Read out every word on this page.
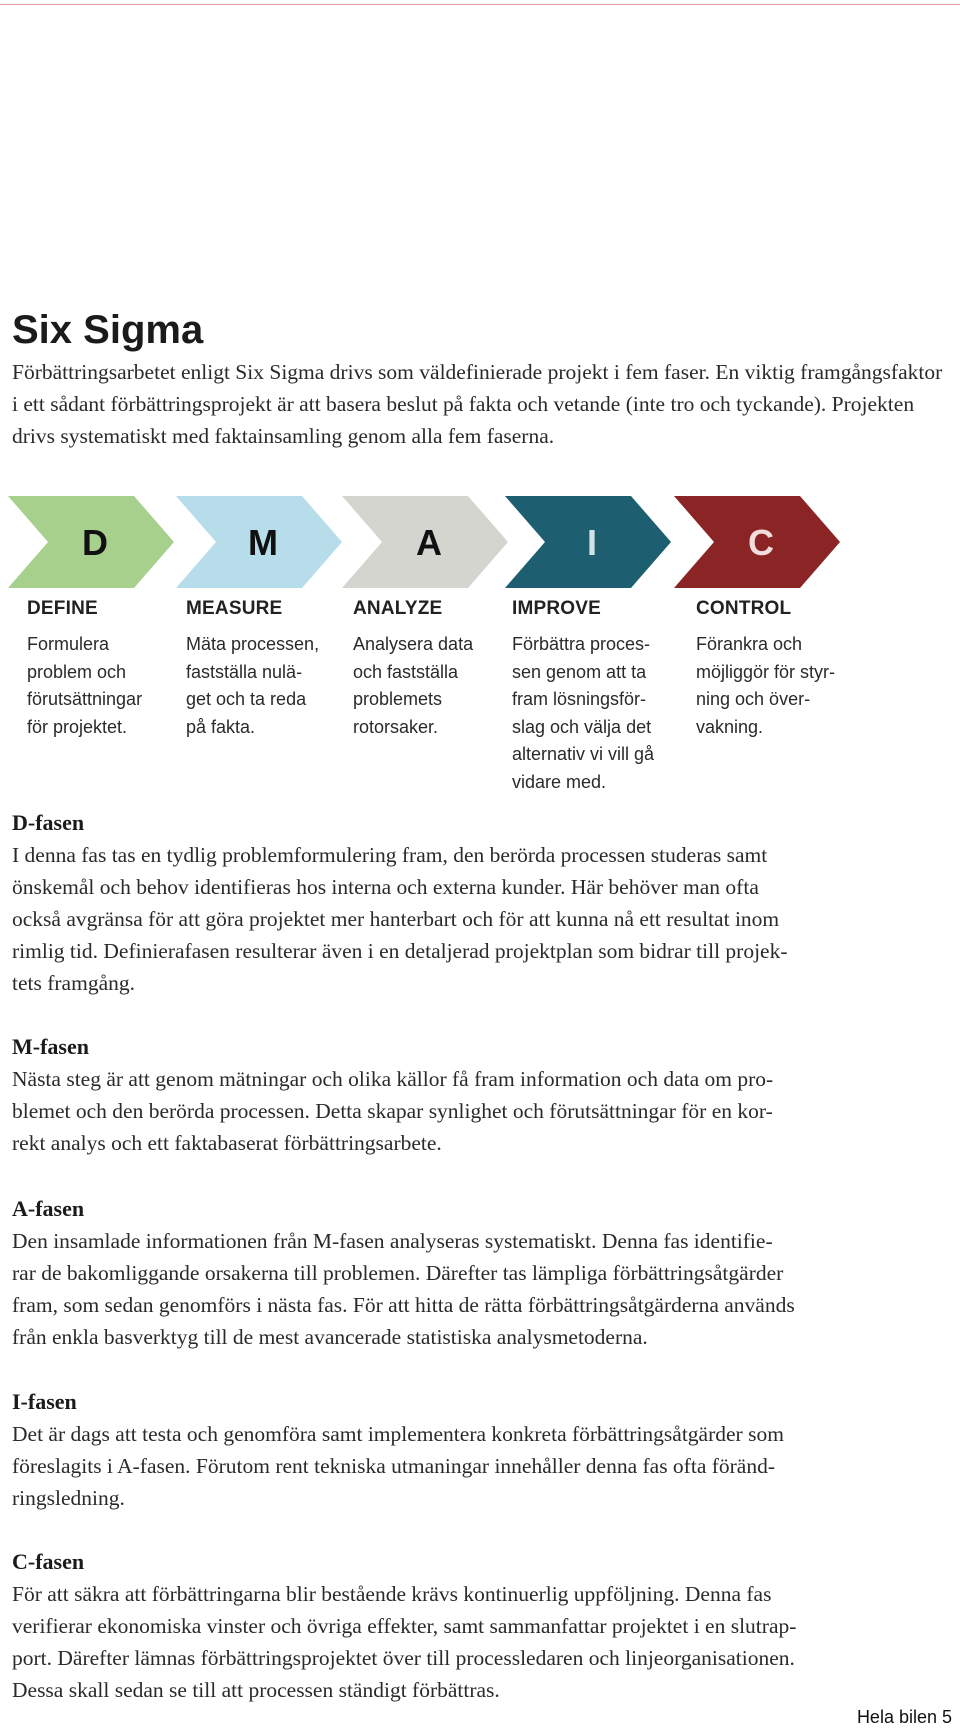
Six Sigma

Förbättringsarbetet enligt Six Sigma drivs som väldefinierade projekt i fem faser. En viktig framgångsfaktor i ett sådant förbättringsprojekt är att basera beslut på fakta och vetande (inte tro och tyckande). Projekten drivs systematiskt med faktainsamling genom alla fem faserna.

D	M	A	I	C
DEFINE

Formulera
problem och
förutsättningar
för projektet.

MEASURE

Mäta processen,
fastställa nulä-
get och ta reda
på fakta.

ANALYZE

Analysera data
och fastställa
problemets
rotorsaker.

IMPROVE

Förbättra proces-
sen genom att ta
fram lösningsför-
slag och välja det
alternativ vi vill gå
vidare med.

CONTROL

Förankra och
möjliggör för styr-
ning och över-
vakning.

D-fasen

I denna fas tas en tydlig problemformulering fram, den berörda processen studeras samt
önskemål och behov identifieras hos interna och externa kunder. Här behöver man ofta
också avgränsa för att göra projektet mer hanterbart och för att kunna nå ett resultat inom
rimlig tid. Definierafasen resulterar även i en detaljerad projektplan som bidrar till projek-
tets framgång.

M-fasen

Nästa steg är att genom mätningar och olika källor få fram information och data om pro-
blemet och den berörda processen. Detta skapar synlighet och förutsättningar för en kor-
rekt analys och ett faktabaserat förbättringsarbete.

A-fasen

Den insamlade informationen från M-fasen analyseras systematiskt. Denna fas identifie-
rar de bakomliggande orsakerna till problemen. Därefter tas lämpliga förbättringsåtgärder
fram, som sedan genomförs i nästa fas. För att hitta de rätta förbättringsåtgärderna används
från enkla basverktyg till de mest avancerade statistiska analysmetoderna.

I-fasen

Det är dags att testa och genomföra samt implementera konkreta förbättringsåtgärder som
föreslagits i A-fasen. Förutom rent tekniska utmaningar innehåller denna fas ofta föränd-
ringsledning.

C-fasen

För att säkra att förbättringarna blir bestående krävs kontinuerlig uppföljning. Denna fas
verifierar ekonomiska vinster och övriga effekter, samt sammanfattar projektet i en slutrap-
port. Därefter lämnas förbättringsprojektet över till processledaren och linjeorganisationen.
Dessa skall sedan se till att processen ständigt förbättras.

Hela bilen 5
